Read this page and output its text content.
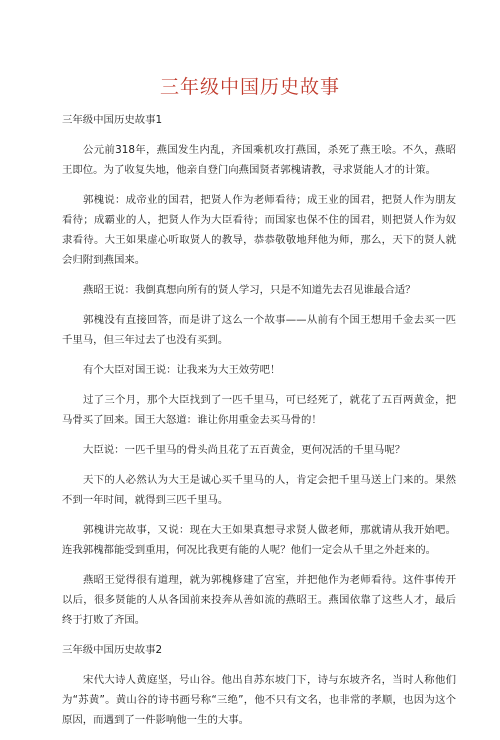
三年级中国历史故事
三年级中国历史故事1
公元前318年，燕国发生内乱，齐国乘机攻打燕国，杀死了燕王哙。不久，燕昭王即位。为了收复失地，他亲自登门向燕国贤者郭槐请教，寻求贤能人才的计策。
郭槐说：成帝业的国君，把贤人作为老师看待；成王业的国君，把贤人作为朋友看待；成霸业的人，把贤人作为大臣看待；而国家也保不住的国君，则把贤人作为奴隶看待。大王如果虚心听取贤人的教导，恭恭敬敬地拜他为师，那么，天下的贤人就会归附到燕国来。
燕昭王说：我倒真想向所有的贤人学习，只是不知道先去召见谁最合适？
郭槐没有直接回答，而是讲了这么一个故事——从前有个国王想用千金去买一匹千里马，但三年过去了也没有买到。
有个大臣对国王说：让我来为大王效劳吧！
过了三个月，那个大臣找到了一匹千里马，可已经死了，就花了五百两黄金，把马骨买了回来。国王大怒道：谁让你用重金去买马骨的！
大臣说：一匹千里马的骨头尚且花了五百黄金，更何况活的千里马呢？
天下的人必然认为大王是诚心买千里马的人，肯定会把千里马送上门来的。果然不到一年时间，就得到三匹千里马。
郭槐讲完故事，又说：现在大王如果真想寻求贤人做老师，那就请从我开始吧。连我郭槐都能受到重用，何况比我更有能的人呢？他们一定会从千里之外赶来的。
燕昭王觉得很有道理，就为郭槐修建了宫室，并把他作为老师看待。这件事传开以后，很多贤能的人从各国前来投奔从善如流的燕昭王。燕国依靠了这些人才，最后终于打败了齐国。
三年级中国历史故事2
宋代大诗人黄庭坚，号山谷。他出自苏东坡门下，诗与东坡齐名，当时人称他们为“苏黄”。黄山谷的诗书画号称“三绝”，他不只有文名，也非常的孝顺，也因为这个原因，而遇到了一件影响他一生的大事。
